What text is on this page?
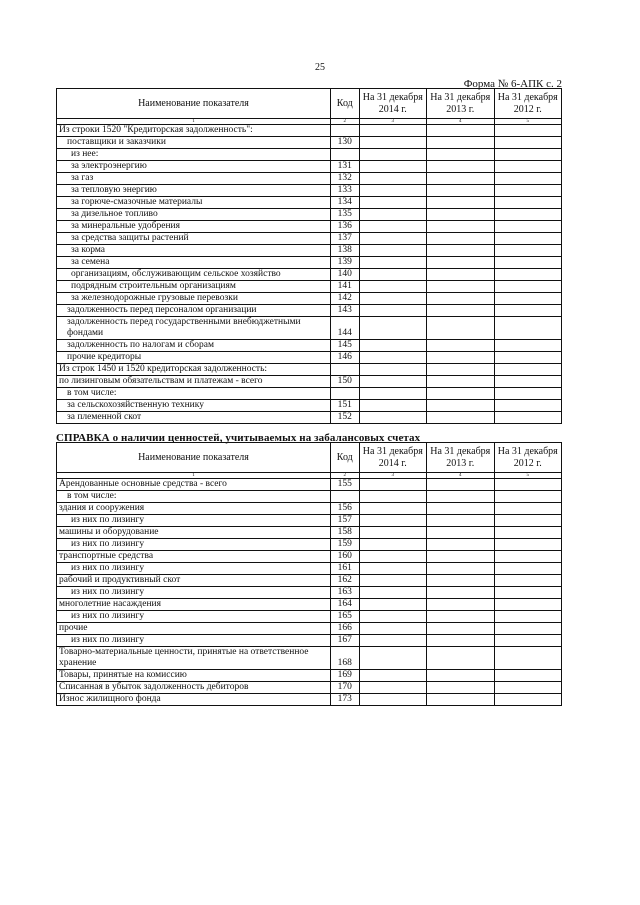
25
Форма № 6-АПК с. 2
Наименование показателя	Код	На 31 декабря 2014 г.	На 31 декабря 2013 г.	На 31 декабря 2012 г.
1	2	3	4	5
Из строки 1520 "Кредиторская задолженность":				
поставщики и заказчики	130			
из нее:				
за электроэнергию	131			
за газ	132			
за тепловую энергию	133			
за горюче-смазочные материалы	134			
за дизельное топливо	135			
за минеральные удобрения	136			
за средства защиты растений	137			
за корма	138			
за семена	139			
организациям, обслуживающим сельское хозяйство	140			
подрядным строительным организациям	141			
за железнодорожные грузовые перевозки	142			
задолженность перед персоналом организации	143			
задолженность перед государственными внебюджетными фондами	144			
задолженность по налогам и сборам	145			
прочие кредиторы	146			
Из строк 1450 и 1520 кредиторская задолженность:				
по лизинговым обязательствам и платежам - всего	150			
в том числе:				
за сельскохозяйственную технику	151			
за племенной скот	152			
СПРАВКА о наличии ценностей, учитываемых на забалансовых счетах
Наименование показателя	Код	На 31 декабря 2014 г.	На 31 декабря 2013 г.	На 31 декабря 2012 г.
1	2	3	4	5
Арендованные основные средства - всего	155			
в том числе:				
здания и сооружения	156			
из них по лизингу	157			
машины и оборудование	158			
из них по лизингу	159			
транспортные средства	160			
из них по лизингу	161			
рабочий и продуктивный скот	162			
из них по лизингу	163			
многолетние насаждения	164			
из них по лизингу	165			
прочие	166			
из них по лизингу	167			
Товарно-материальные ценности, принятые на ответственное хранение	168			
Товары, принятые на комиссию	169			
Списанная в убыток задолженность дебиторов	170			
Износ жилищного фонда	173			
